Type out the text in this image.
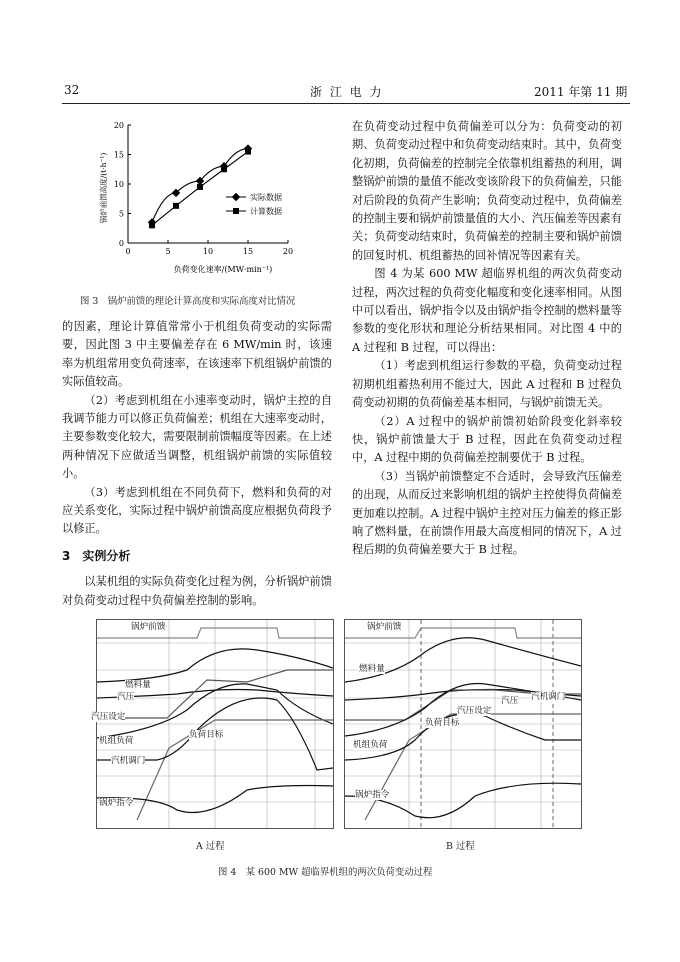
32	浙 江 电 力	2011 年第 11 期
0	5	10	15	20
0
5
10
15
20
锅炉前馈高度/(t·h⁻¹)
负荷变化速率/(MW·min⁻¹)
实际数据
计算数据
图 3　锅炉前馈的理论计算高度和实际高度对比情况

的因素，理论计算值常常小于机组负荷变动的实际需要，因此图 3 中主要偏差存在 6 MW/min 时，该速率为机组常用变负荷速率，在该速率下机组锅炉前馈的实际值较高。

（2）考虑到机组在小速率变动时，锅炉主控的自我调节能力可以修正负荷偏差；机组在大速率变动时，主要参数变化较大，需要限制前馈幅度等因素。在上述两种情况下应做适当调整，机组锅炉前馈的实际值较小。

（3）考虑到机组在不同负荷下，燃料和负荷的对应关系变化，实际过程中锅炉前馈高度应根据负荷段予以修正。

3　实例分析

以某机组的实际负荷变化过程为例，分析锅炉前馈对负荷变动过程中负荷偏差控制的影响。

在负荷变动过程中负荷偏差可以分为：负荷变动的初期、负荷变动过程中和负荷变动结束时。其中，负荷变化初期，负荷偏差的控制完全依靠机组蓄热的利用，调整锅炉前馈的量值不能改变该阶段下的负荷偏差，只能对后阶段的负荷产生影响；负荷变动过程中，负荷偏差的控制主要和锅炉前馈量值的大小、汽压偏差等因素有关；负荷变动结束时，负荷偏差的控制主要和锅炉前馈的回复时机、机组蓄热的回补情况等因素有关。

图 4 为某 600 MW 超临界机组的两次负荷变动过程，两次过程的负荷变化幅度和变化速率相同。从图中可以看出，锅炉指令以及由锅炉指令控制的燃料量等参数的变化形状和理论分析结果相同。对比图 4 中的 A 过程和 B 过程，可以得出：

（1）考虑到机组运行参数的平稳，负荷变动过程初期机组蓄热利用不能过大，因此 A 过程和 B 过程负荷变动初期的负荷偏差基本相同，与锅炉前馈无关。

（2）A 过程中的锅炉前馈初始阶段变化斜率较快，锅炉前馈量大于 B 过程，因此在负荷变动过程中，A 过程中期的负荷偏差控制要优于 B 过程。

（3）当锅炉前馈整定不合适时，会导致汽压偏差的出现，从而反过来影响机组的锅炉主控使得负荷偏差更加难以控制。A 过程中锅炉主控对压力偏差的修正影响了燃料量，在前馈作用最大高度相同的情况下，A 过程后期的负荷偏差要大于 B 过程。

锅炉前馈
燃料量
汽压
汽压设定
机组负荷
负荷目标
汽机调门
锅炉指令
A 过程
锅炉前馈
燃料量
汽机调门
汽压
汽压设定
负荷目标
机组负荷
锅炉指令
B 过程
图 4　某 600 MW 超临界机组的两次负荷变动过程
